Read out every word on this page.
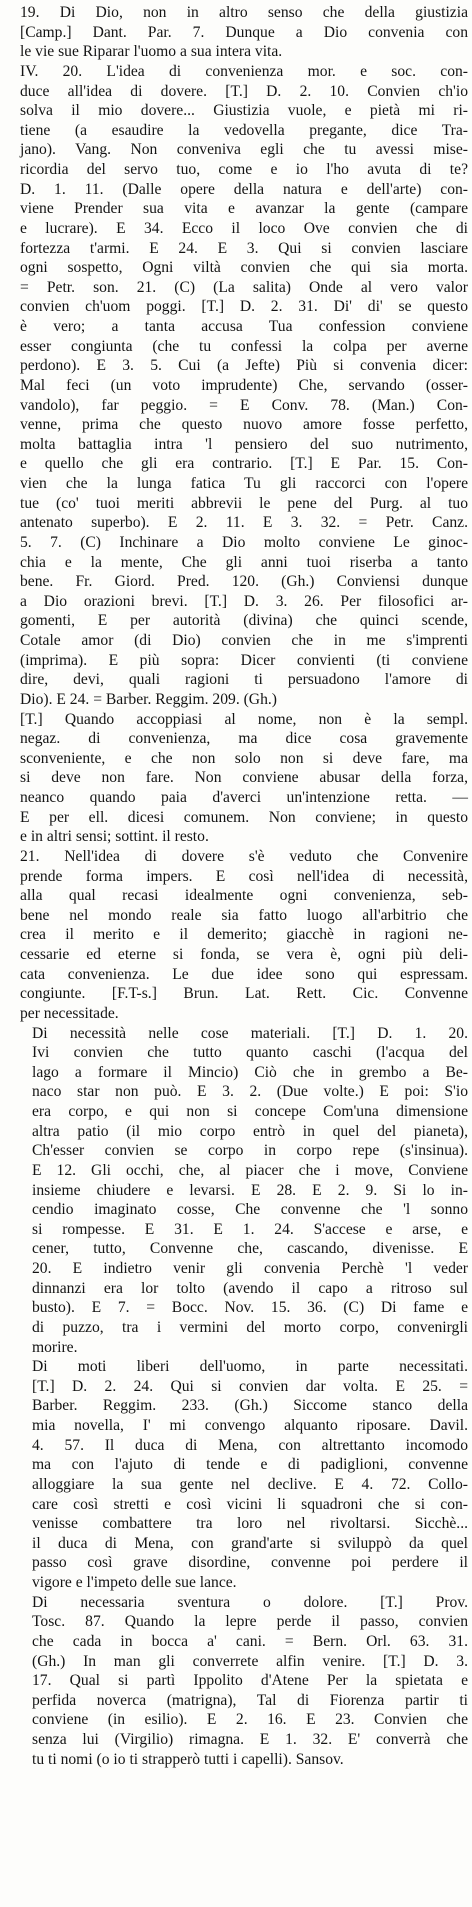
19. Di Dio, non in altro senso che della giustizia
[Camp.] Dant. Par. 7. Dunque a Dio convenia con
le vie sue Riparar l'uomo a sua intera vita.

IV. 20. L'idea di convenienza mor. e soc. con-
duce all'idea di dovere. [T.] D. 2. 10. Convien ch'io
solva il mio dovere... Giustizia vuole, e pietà mi ri-
tiene (a esaudire la vedovella pregante, dice Tra-
jano). Vang. Non conveniva egli che tu avessi mise-
ricordia del servo tuo, come e io l'ho avuta di te?
D. 1. 11. (Dalle opere della natura e dell'arte) con-
viene Prender sua vita e avanzar la gente (campare
e lucrare). E 34. Ecco il loco Ove convien che di
fortezza t'armi. E 24. E 3. Qui si convien lasciare
ogni sospetto, Ogni viltà convien che qui sia morta.
= Petr. son. 21. (C) (La salita) Onde al vero valor
convien ch'uom poggi. [T.] D. 2. 31. Di' di' se questo
è vero; a tanta accusa Tua confession conviene
esser congiunta (che tu confessi la colpa per averne
perdono). E 3. 5. Cui (a Jefte) Più si convenia dicer:
Mal feci (un voto imprudente) Che, servando (osser-
vandolo), far peggio. = E Conv. 78. (Man.) Con-
venne, prima che questo nuovo amore fosse perfetto,
molta battaglia intra 'l pensiero del suo nutrimento,
e quello che gli era contrario. [T.] E Par. 15. Con-
vien che la lunga fatica Tu gli raccorci con l'opere
tue (co' tuoi meriti abbrevii le pene del Purg. al tuo
antenato superbo). E 2. 11. E 3. 32. = Petr. Canz.
5. 7. (C) Inchinare a Dio molto conviene Le ginoc-
chia e la mente, Che gli anni tuoi riserba a tanto
bene. Fr. Giord. Pred. 120. (Gh.) Conviensi dunque
a Dio orazioni brevi. [T.] D. 3. 26. Per filosofici ar-
gomenti, E per autorità (divina) che quinci scende,
Cotale amor (di Dio) convien che in me s'imprenti
(imprima). E più sopra: Dicer convienti (ti conviene
dire, devi, quali ragioni ti persuadono l'amore di
Dio). E 24. = Barber. Reggim. 209. (Gh.)

[T.] Quando accoppiasi al nome, non è la sempl.
negaz. di convenienza, ma dice cosa gravemente
sconveniente, e che non solo non si deve fare, ma
si deve non fare. Non conviene abusar della forza,
neanco quando paia d'averci un'intenzione retta. —
E per ell. dicesi comunem. Non conviene; in questo
e in altri sensi; sottint. il resto.

21. Nell'idea di dovere s'è veduto che Convenire
prende forma impers. E così nell'idea di necessità,
alla qual recasi idealmente ogni convenienza, seb-
bene nel mondo reale sia fatto luogo all'arbitrio che
crea il merito e il demerito; giacchè in ragioni ne-
cessarie ed eterne si fonda, se vera è, ogni più deli-
cata convenienza. Le due idee sono qui espressam.
congiunte. [F.T-s.] Brun. Lat. Rett. Cic. Convenne
per necessitade.

Di necessità nelle cose materiali. [T.] D. 1. 20.
Ivi convien che tutto quanto caschi (l'acqua del
lago a formare il Mincio) Ciò che in grembo a Be-
naco star non può. E 3. 2. (Due volte.) E poi: S'io
era corpo, e qui non si concepe Com'una dimensione
altra patio (il mio corpo entrò in quel del pianeta),
Ch'esser convien se corpo in corpo repe (s'insinua).
E 12. Gli occhi, che, al piacer che i move, Conviene
insieme chiudere e levarsi. E 28. E 2. 9. Si lo in-
cendio imaginato cosse, Che convenne che 'l sonno
si rompesse. E 31. E 1. 24. S'accese e arse, e
cener, tutto, Convenne che, cascando, divenisse. E
20. E indietro venir gli convenia Perchè 'l veder
dinnanzi era lor tolto (avendo il capo a ritroso sul
busto). E 7. = Bocc. Nov. 15. 36. (C) Di fame e
di puzzo, tra i vermini del morto corpo, convenirgli
morire.

Di moti liberi dell'uomo, in parte necessitati.
[T.] D. 2. 24. Qui si convien dar volta. E 25. =
Barber. Reggim. 233. (Gh.) Siccome stanco della
mia novella, I' mi convengo alquanto riposare. Davil.
4. 57. Il duca di Mena, con altrettanto incomodo
ma con l'ajuto di tende e di padiglioni, convenne
alloggiare la sua gente nel declive. E 4. 72. Collo-
care così stretti e così vicini li squadroni che si con-
venisse combattere tra loro nel rivoltarsi. Sicchè...
il duca di Mena, con grand'arte si sviluppò da quel
passo così grave disordine, convenne poi perdere il
vigore e l'impeto delle sue lance.

Di necessaria sventura o dolore. [T.] Prov.
Tosc. 87. Quando la lepre perde il passo, convien
che cada in bocca a' cani. = Bern. Orl. 63. 31.
(Gh.) In man gli converrete alfin venire. [T.] D. 3.
17. Qual si partì Ippolito d'Atene Per la spietata e
perfida noverca (matrigna), Tal di Fiorenza partir ti
conviene (in esilio). E 2. 16. E 23. Convien che
senza lui (Virgilio) rimagna. E 1. 32. E' converrà che
tu ti nomi (o io ti strapperò tutti i capelli). Sansov.
